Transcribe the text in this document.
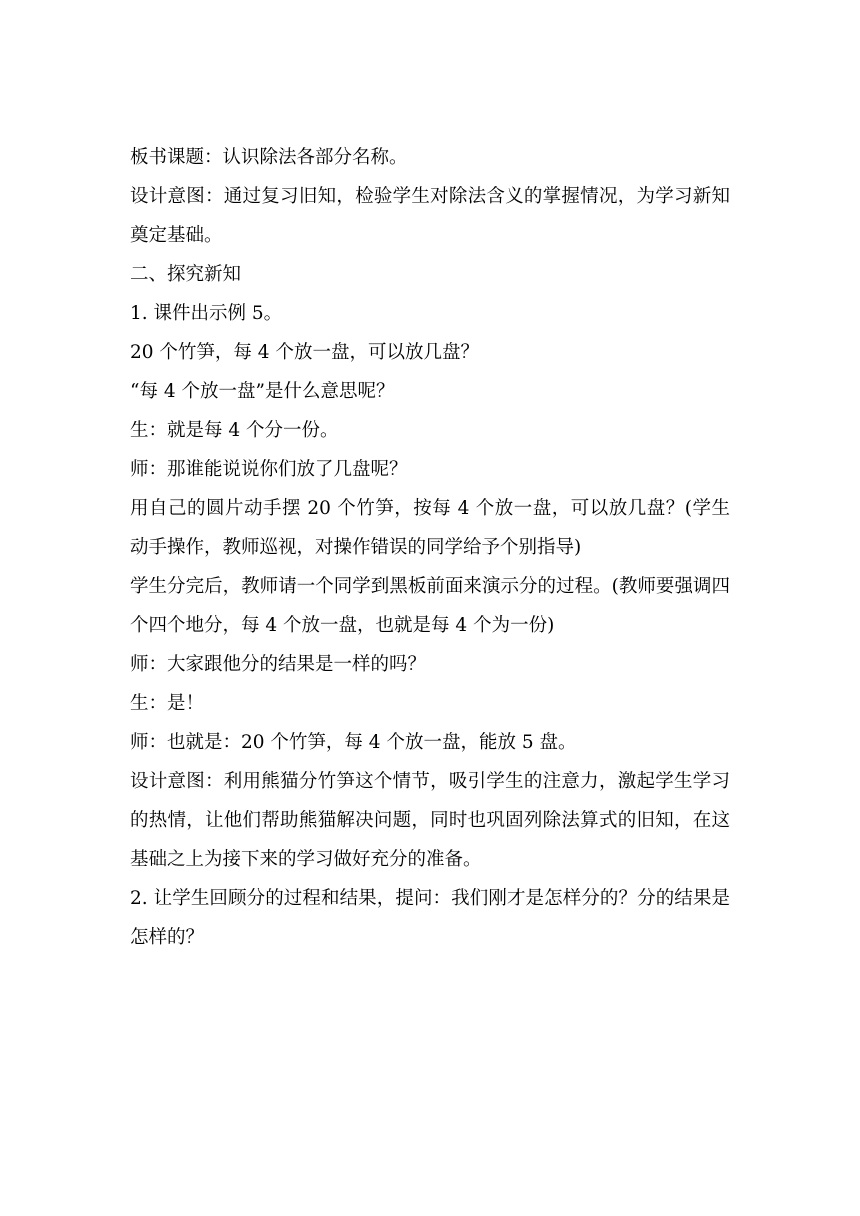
板书课题：认识除法各部分名称。

设计意图：通过复习旧知，检验学生对除法含义的掌握情况，为学习新知奠定基础。

二、探究新知

1. 课件出示例 5。

20 个竹笋，每 4 个放一盘，可以放几盘？

“每 4 个放一盘”是什么意思呢？

生：就是每 4 个分一份。

师：那谁能说说你们放了几盘呢？

用自己的圆片动手摆 20 个竹笋，按每 4 个放一盘，可以放几盘？(学生动手操作，教师巡视，对操作错误的同学给予个别指导)

学生分完后，教师请一个同学到黑板前面来演示分的过程。(教师要强调四个四个地分，每 4 个放一盘，也就是每 4 个为一份)

师：大家跟他分的结果是一样的吗？

生：是！

师：也就是：20 个竹笋，每 4 个放一盘，能放 5 盘。

设计意图：利用熊猫分竹笋这个情节，吸引学生的注意力，激起学生学习的热情，让他们帮助熊猫解决问题，同时也巩固列除法算式的旧知，在这基础之上为接下来的学习做好充分的准备。

2. 让学生回顾分的过程和结果，提问：我们刚才是怎样分的？分的结果是怎样的？
